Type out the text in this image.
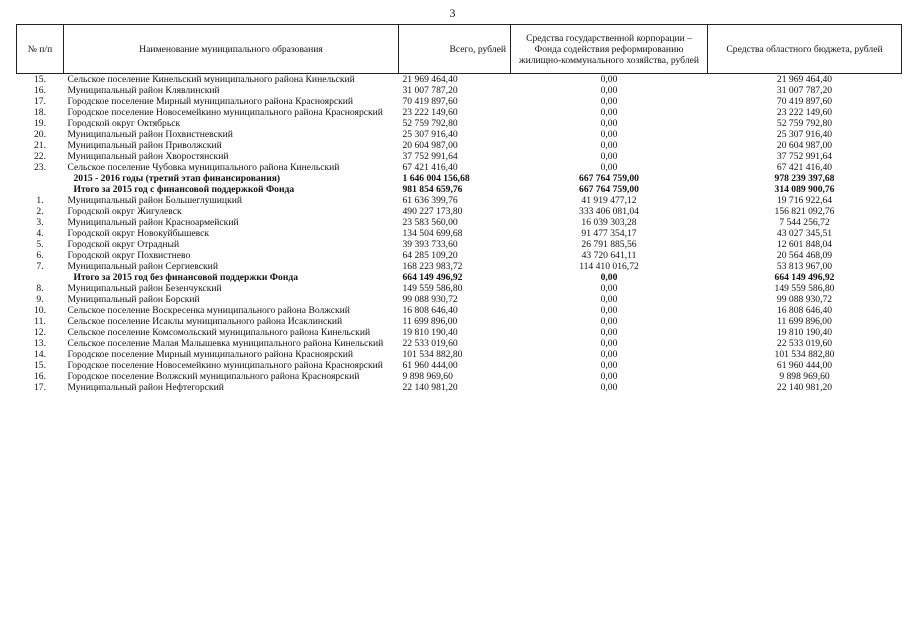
3
№ п/п	Наименование муниципального образования	Всего, рублей	Средства государственной корпорации – Фонда содействия реформированию жилищно-коммунального хозяйства, рублей	Средства областного бюджета, рублей
15.	Сельское поселение Кинельский муниципального района Кинельский	21 969 464,40	0,00	21 969 464,40
16.	Муниципальный район Клявлинский	31 007 787,20	0,00	31 007 787,20
17.	Городское поселение Мирный муниципального района Красноярский	70 419 897,60	0,00	70 419 897,60
18.	Городское поселение Новосемейкино муниципального района Красноярский	23 222 149,60	0,00	23 222 149,60
19.	Городской округ Октябрьск	52 759 792,80	0,00	52 759 792,80
20.	Муниципальный район Похвистневский	25 307 916,40	0,00	25 307 916,40
21.	Муниципальный район Приволжский	20 604 987,00	0,00	20 604 987,00
22.	Муниципальный район Хворостянский	37 752 991,64	0,00	37 752 991,64
23.	Сельское поселение Чубовка муниципального района Кинельский	67 421 416,40	0,00	67 421 416,40
	2015 - 2016 годы (третий этап финансирования)	1 646 004 156,68	667 764 759,00	978 239 397,68
	Итого за 2015 год с финансовой поддержкой Фонда	981 854 659,76	667 764 759,00	314 089 900,76
1.	Муниципальный район Большеглушицкий	61 636 399,76	41 919 477,12	19 716 922,64
2.	Городской округ Жигулевск	490 227 173,80	333 406 081,04	156 821 092,76
3.	Муниципальный район Красноармейский	23 583 560,00	16 039 303,28	7 544 256,72
4.	Городской округ Новокуйбышевск	134 504 699,68	91 477 354,17	43 027 345,51
5.	Городской округ Отрадный	39 393 733,60	26 791 885,56	12 601 848,04
6.	Городской округ Похвистнево	64 285 109,20	43 720 641,11	20 564 468,09
7.	Муниципальный район Сергиевский	168 223 983,72	114 410 016,72	53 813 967,00
	Итого за 2015 год без финансовой поддержки Фонда	664 149 496,92	0,00	664 149 496,92
8.	Муниципальный район Безенчукский	149 559 586,80	0,00	149 559 586,80
9.	Муниципальный район Борский	99 088 930,72	0,00	99 088 930,72
10.	Сельское поселение Воскресенка муниципального района Волжский	16 808 646,40	0,00	16 808 646,40
11.	Сельское поселение Исаклы муниципального района Исаклинский	11 699 896,00	0,00	11 699 896,00
12.	Сельское поселение Комсомольский муниципального района Кинельский	19 810 190,40	0,00	19 810 190,40
13.	Сельское поселение Малая Малышевка муниципального района Кинельский	22 533 019,60	0,00	22 533 019,60
14.	Городское поселение Мирный муниципального района Красноярский	101 534 882,80	0,00	101 534 882,80
15.	Городское поселение Новосемейкино муниципального района Красноярский	61 960 444,00	0,00	61 960 444,00
16.	Городское поселение Волжский муниципального района Красноярский	9 898 969,60	0,00	9 898 969,60
17.	Муниципальный район Нефтегорский	22 140 981,20	0,00	22 140 981,20
